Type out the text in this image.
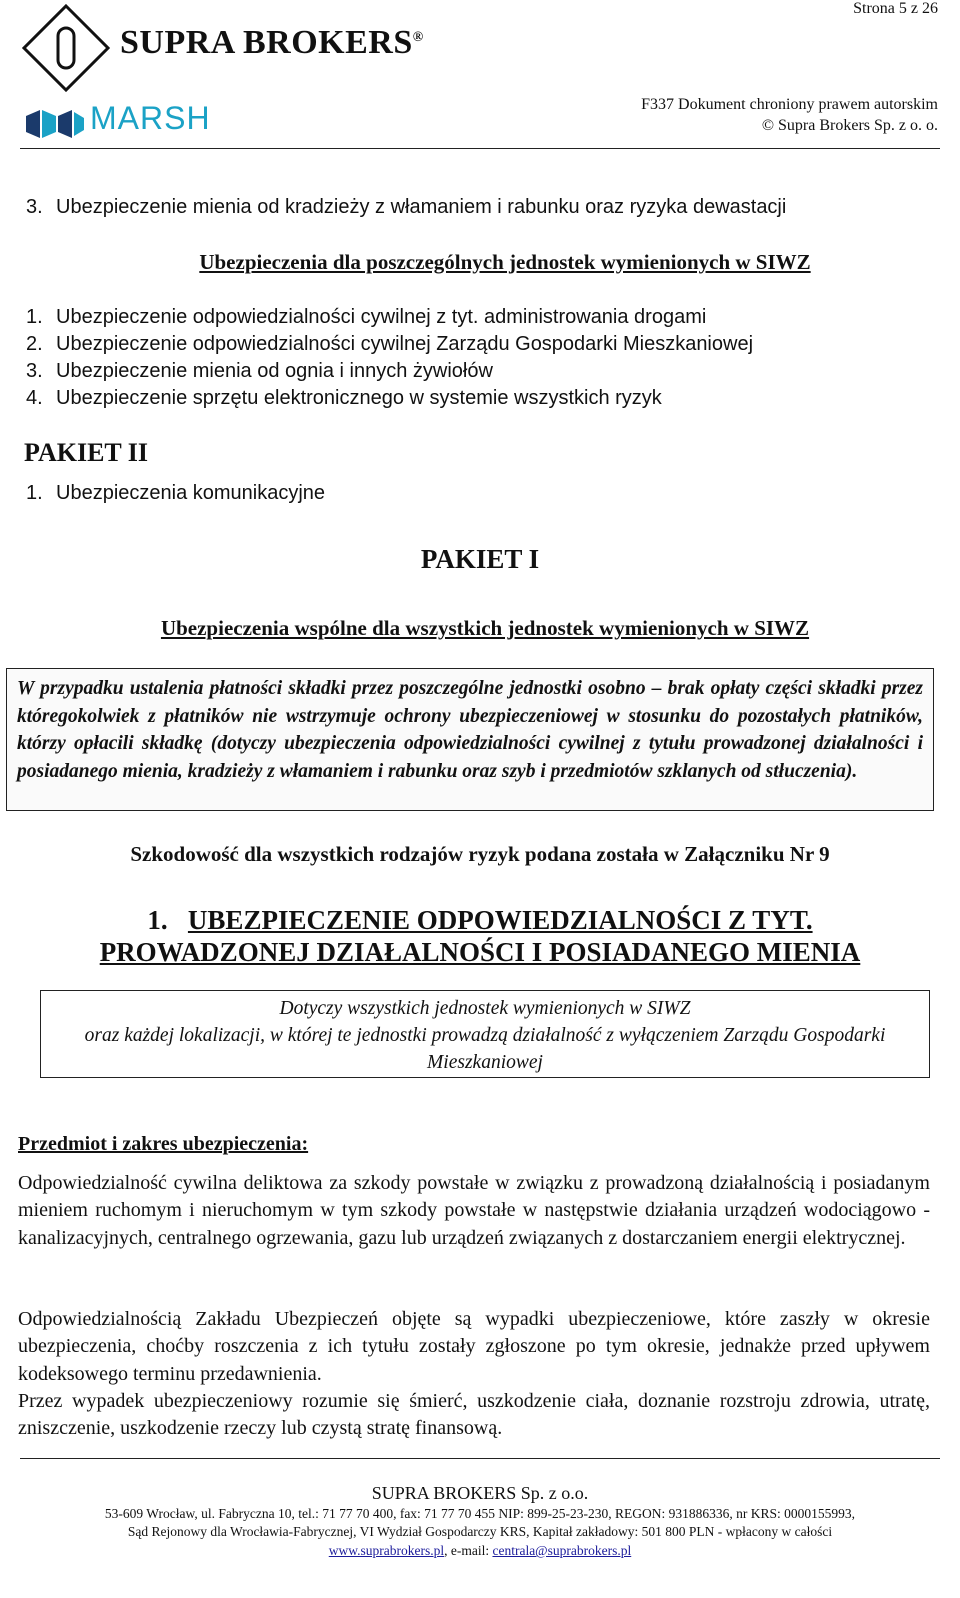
SUPRA BROKERS®
MARSH
Strona 5 z 26
F337 Dokument chroniony prawem autorskim
© Supra Brokers Sp. z o. o.
3. Ubezpieczenie mienia od kradzieży z włamaniem i rabunku oraz ryzyka dewastacji
Ubezpieczenia dla poszczególnych jednostek wymienionych w SIWZ
1. Ubezpieczenie odpowiedzialności cywilnej z tyt. administrowania drogami
2. Ubezpieczenie odpowiedzialności cywilnej Zarządu Gospodarki Mieszkaniowej
3. Ubezpieczenie mienia od ognia i innych żywiołów
4. Ubezpieczenie sprzętu elektronicznego w systemie wszystkich ryzyk
PAKIET II
1. Ubezpieczenia komunikacyjne
PAKIET I
Ubezpieczenia wspólne dla wszystkich jednostek wymienionych w SIWZ
W przypadku ustalenia płatności składki przez poszczególne jednostki osobno – brak opłaty części składki przez któregokolwiek z płatników nie wstrzymuje ochrony ubezpieczeniowej w stosunku do pozostałych płatników, którzy opłacili składkę (dotyczy ubezpieczenia odpowiedzialności cywilnej z tytułu prowadzonej działalności i posiadanego mienia, kradzieży z włamaniem i rabunku oraz szyb i przedmiotów szklanych od stłuczenia).
Szkodowość dla wszystkich rodzajów ryzyk podana została w Załączniku Nr 9
1. UBEZPIECZENIE ODPOWIEDZIALNOŚCI Z TYT.
PROWADZONEJ DZIAŁALNOŚCI I POSIADANEGO MIENIA
Dotyczy wszystkich jednostek wymienionych w SIWZ
oraz każdej lokalizacji, w której te jednostki prowadzą działalność z wyłączeniem Zarządu Gospodarki Mieszkaniowej
Przedmiot i zakres ubezpieczenia:
Odpowiedzialność cywilna deliktowa za szkody powstałe w związku z prowadzoną działalnością i posiadanym mieniem ruchomym i nieruchomym w tym szkody powstałe w następstwie działania urządzeń wodociągowo - kanalizacyjnych, centralnego ogrzewania, gazu lub urządzeń związanych z dostarczaniem energii elektrycznej.
Odpowiedzialnością Zakładu Ubezpieczeń objęte są wypadki ubezpieczeniowe, które zaszły w okresie ubezpieczenia, choćby roszczenia z ich tytułu zostały zgłoszone po tym okresie, jednakże przed upływem kodeksowego terminu przedawnienia.
Przez wypadek ubezpieczeniowy rozumie się śmierć, uszkodzenie ciała, doznanie rozstroju zdrowia, utratę, zniszczenie, uszkodzenie rzeczy lub czystą stratę finansową.
SUPRA BROKERS Sp. z o.o.
53-609 Wrocław, ul. Fabryczna 10, tel.: 71 77 70 400, fax: 71 77 70 455 NIP: 899-25-23-230, REGON: 931886336, nr KRS: 0000155993,
Sąd Rejonowy dla Wrocławia-Fabrycznej, VI Wydział Gospodarczy KRS, Kapitał zakładowy: 501 800 PLN - wpłacony w całości
www.suprabrokers.pl, e-mail: centrala@suprabrokers.pl
